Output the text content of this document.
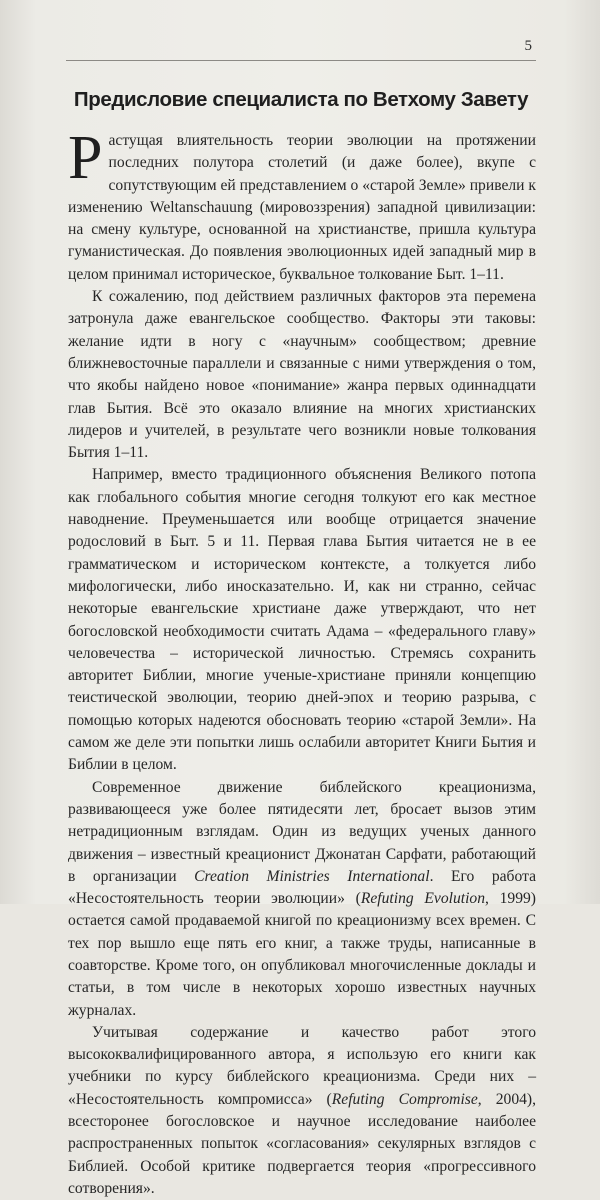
5
Предисловие специалиста по Ветхому Завету

Растущая влиятельность теории эволюции на протяжении последних полутора столетий (и даже более), вкупе с сопутствующим ей представлением о «старой Земле» привели к изменению Weltanschauung (мировоззрения) западной цивилизации: на смену культуре, основанной на христианстве, пришла культура гуманистическая. До появления эволюционных идей западный мир в целом принимал историческое, буквальное толкование Быт. 1–11.

К сожалению, под действием различных факторов эта перемена затронула даже евангельское сообщество. Факторы эти таковы: желание идти в ногу с «научным» сообществом; древние ближневосточные параллели и связанные с ними утверждения о том, что якобы найдено новое «понимание» жанра первых одиннадцати глав Бытия. Всё это оказало влияние на многих христианских лидеров и учителей, в результате чего возникли новые толкования Бытия 1–11.

Например, вместо традиционного объяснения Великого потопа как глобального события многие сегодня толкуют его как местное наводнение. Преуменьшается или вообще отрицается значение родословий в Быт. 5 и 11. Первая глава Бытия читается не в ее грамматическом и историческом контексте, а толкуется либо мифологически, либо иносказательно. И, как ни странно, сейчас некоторые евангельские христиане даже утверждают, что нет богословской необходимости считать Адама – «федерального главу» человечества – исторической личностью. Стремясь сохранить авторитет Библии, многие ученые-христиане приняли концепцию теистической эволюции, теорию дней-эпох и теорию разрыва, с помощью которых надеются обосновать теорию «старой Земли». На самом же деле эти попытки лишь ослабили авторитет Книги Бытия и Библии в целом.

Современное движение библейского креационизма, развивающееся уже более пятидесяти лет, бросает вызов этим нетрадиционным взглядам. Один из ведущих ученых данного движения – известный креационист Джонатан Сарфати, работающий в организации Creation Ministries International. Его работа «Несостоятельность теории эволюции» (Refuting Evolution, 1999) остается самой продаваемой книгой по креационизму всех времен. С тех пор вышло еще пять его книг, а также труды, написанные в соавторстве. Кроме того, он опубликовал многочисленные доклады и статьи, в том числе в некоторых хорошо известных научных журналах.

Учитывая содержание и качество работ этого высококвалифицированного автора, я использую его книги как учебники по курсу библейского креационизма. Среди них – «Несостоятельность компромисса» (Refuting Compromise, 2004), всесторонее богословское и научное исследование наиболее распространенных попыток «согласования» секулярных взглядов с Библией. Особой критике подвергается теория «прогрессивного сотворения».
